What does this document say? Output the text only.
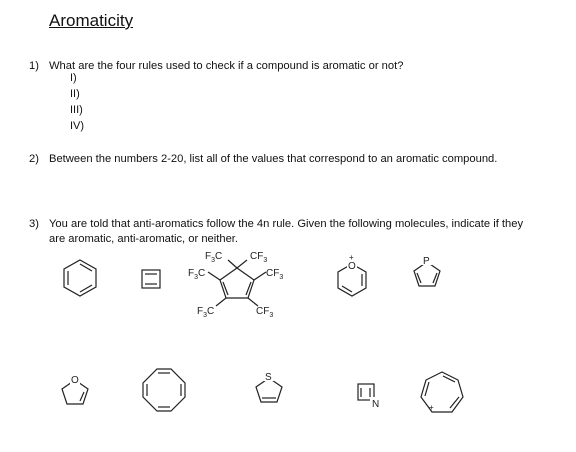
Aromaticity
1) What are the four rules used to check if a compound is aromatic or not?
I)
II)
III)
IV)
2) Between the numbers 2-20, list all of the values that correspond to an aromatic compound.
3) You are told that anti-aromatics follow the 4n rule. Given the following molecules, indicate if they
are aromatic, anti-aromatic, or neither.
$F_3C$	$CF_3$
$F_3C$	$CF_3$
$F_3C$	$CF_3$
O
+	P
O	S
N	+
